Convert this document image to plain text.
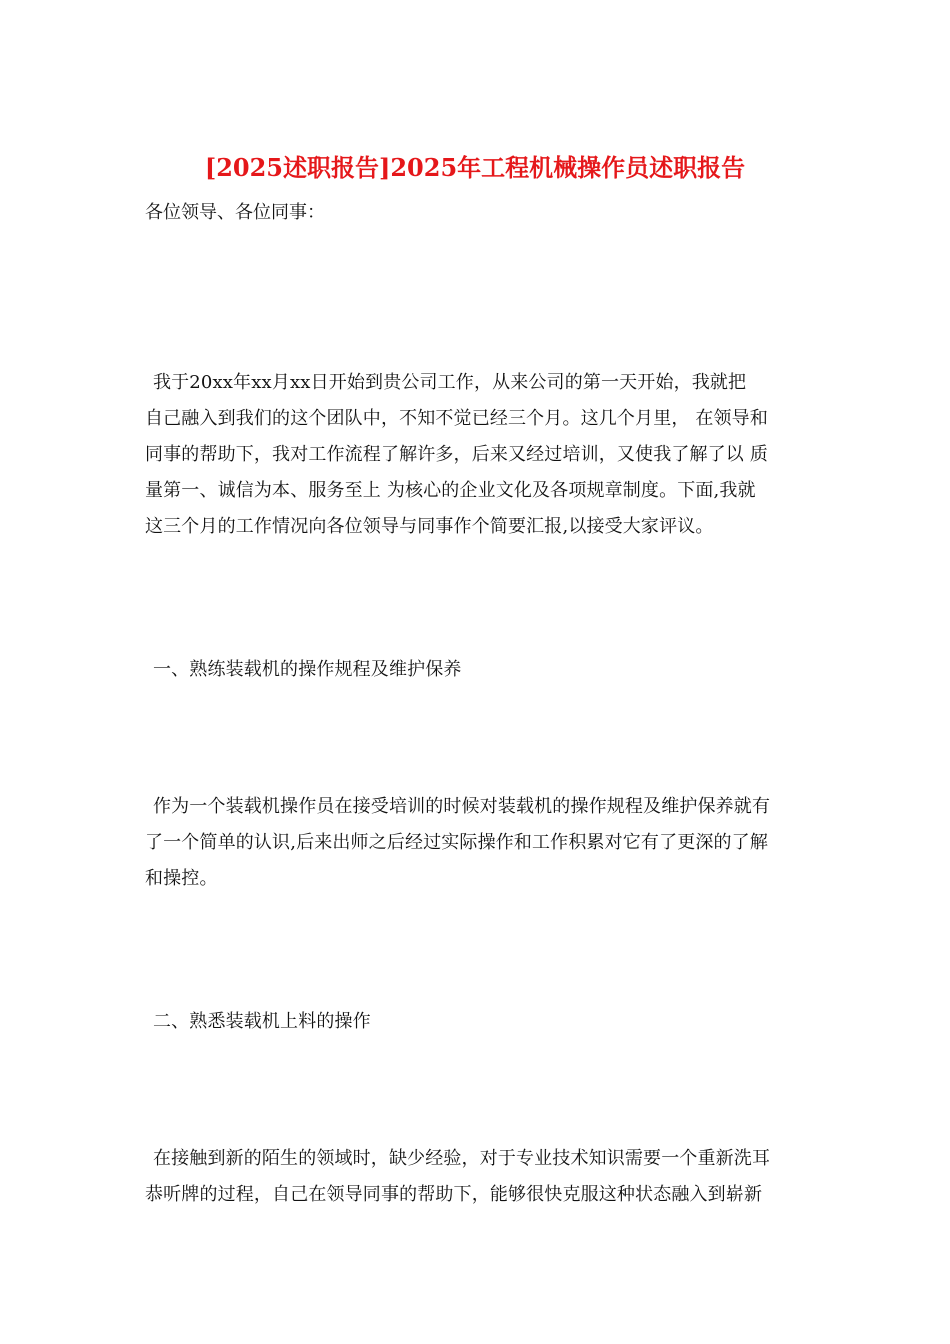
[2025述职报告]2025年工程机械操作员述职报告

各位领导、各位同事：

我于20xx年xx月xx日开始到贵公司工作，从来公司的第一天开始，我就把
自己融入到我们的这个团队中，不知不觉已经三个月。这几个月里， 在领导和
同事的帮助下，我对工作流程了解许多，后来又经过培训，又使我了解了以 质
量第一、诚信为本、服务至上 为核心的企业文化及各项规章制度。下面,我就
这三个月的工作情况向各位领导与同事作个简要汇报,以接受大家评议。

一、熟练装载机的操作规程及维护保养

作为一个装载机操作员在接受培训的时候对装载机的操作规程及维护保养就有
了一个简单的认识,后来出师之后经过实际操作和工作积累对它有了更深的了解
和操控。

二、熟悉装载机上料的操作

在接触到新的陌生的领域时，缺少经验，对于专业技术知识需要一个重新洗耳
恭听牌的过程，自己在领导同事的帮助下，能够很快克服这种状态融入到崭新
